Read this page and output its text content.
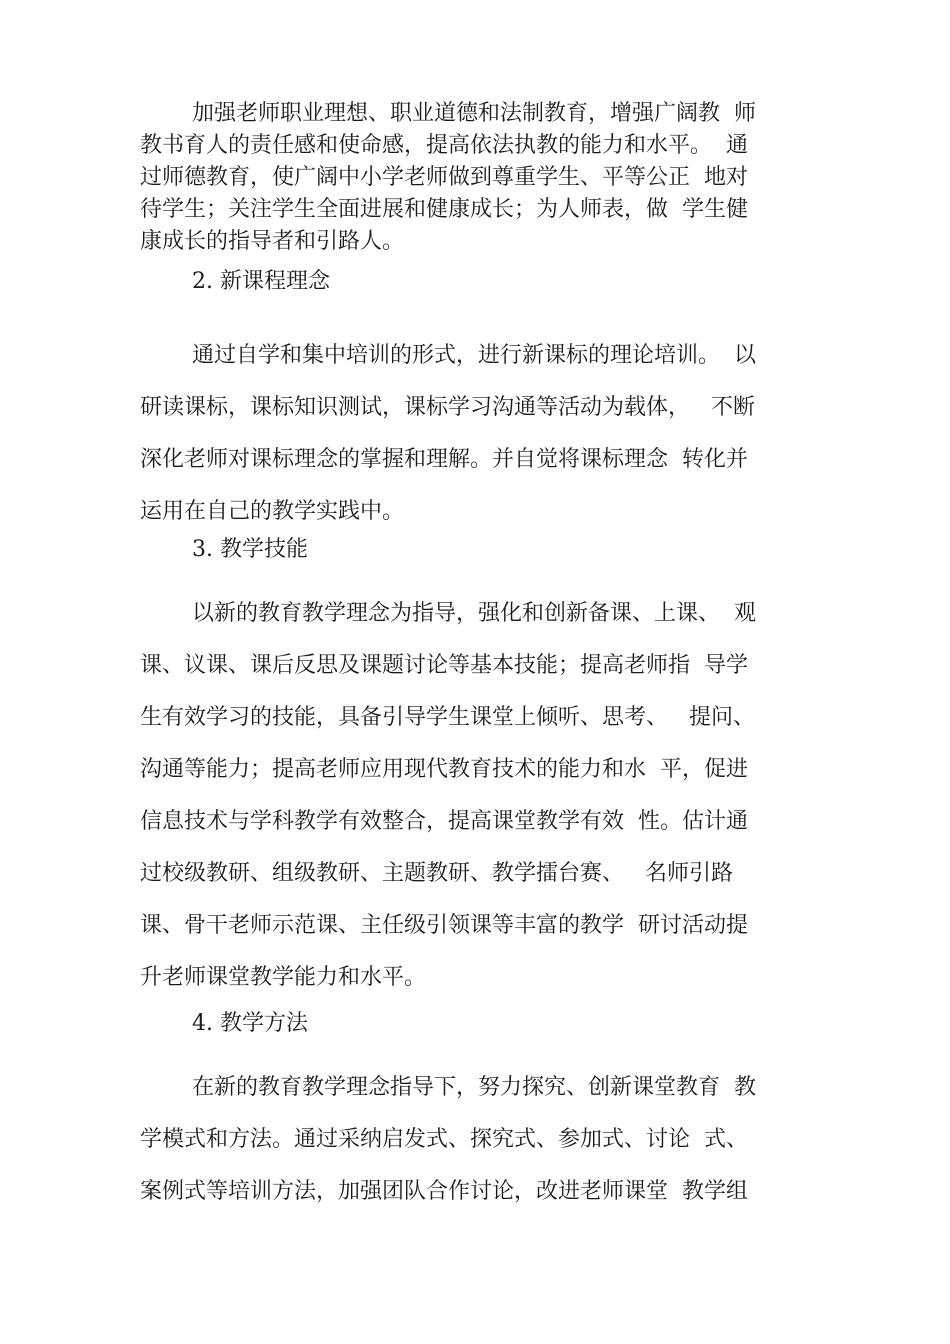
加强老师职业理想、职业道德和法制教育，增强广阔教  师
教书育人的责任感和使命感，提高依法执教的能力和水平。  通
过师德教育，使广阔中小学老师做到尊重学生、平等公正  地对
待学生；关注学生全面进展和健康成长；为人师表，做  学生健
康成长的指导者和引路人。
2. 新课程理念
通过自学和集中培训的形式，进行新课标的理论培训。  以
研读课标，课标知识测试，课标学习沟通等活动为载体，   不断
深化老师对课标理念的掌握和理解。并自觉将课标理念  转化并
运用在自己的教学实践中。
3. 教学技能
以新的教育教学理念为指导，强化和创新备课、上课、  观
课、议课、课后反思及课题讨论等基本技能；提高老师指  导学
生有效学习的技能，具备引导学生课堂上倾听、思考、   提问、
沟通等能力；提高老师应用现代教育技术的能力和水  平，促进
信息技术与学科教学有效整合，提高课堂教学有效  性。估计通
过校级教研、组级教研、主题教研、教学擂台赛、   名师引路
课、骨干老师示范课、主任级引领课等丰富的教学  研讨活动提
升老师课堂教学能力和水平。
4. 教学方法
在新的教育教学理念指导下，努力探究、创新课堂教育  教
学模式和方法。通过采纳启发式、探究式、参加式、讨论  式、
案例式等培训方法，加强团队合作讨论，改进老师课堂  教学组
